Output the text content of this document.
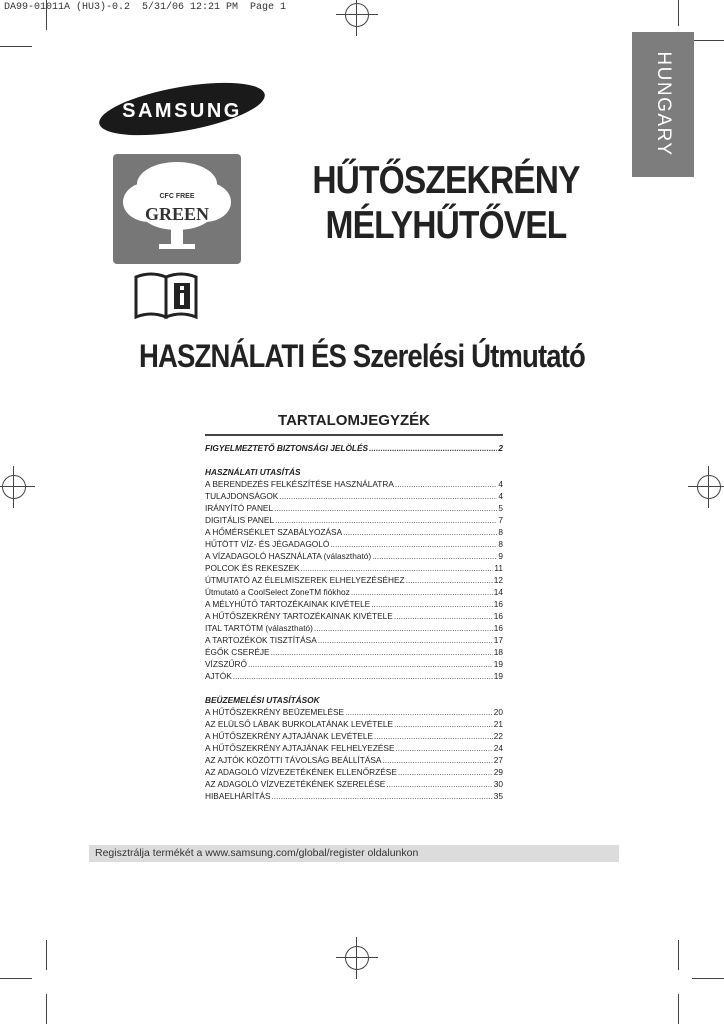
DA99-01011A (HU3)-0.2  5/31/06 12:21 PM  Page 1
HUNGARY
SAMSUNG
CFC FREE
GREEN
HŰTŐSZEKRÉNY
MÉLYHŰTŐVEL
HASZNÁLATI ÉS Szerelési Útmutató
TARTALOMJEGYZÉK
FIGYELMEZTETŐ BIZTONSÁGI JELÖLÉS .....	2
HASZNÁLATI UTASÍTÁS
A BERENDEZÉS FELKÉSZÍTÉSE HASZNÁLATRA .....	4
TULAJDONSÁGOK .....	4
IRÁNYÍTÓ PANEL .....	5
DIGITÁLIS PANEL .....	7
A HŐMÉRSÉKLET SZABÁLYOZÁSA .....	8
HŰTÖTT VÍZ- ÉS JÉGADAGOLÓ .....	8
A VÍZADAGOLÓ HASZNÁLATA (választható) .....	9
POLCOK ÉS REKESZEK .....	11
ÚTMUTATÓ AZ ÉLELMISZEREK ELHELYEZÉSÉHEZ .....	12
Útmutató a CoolSelect ZoneTM fiókhoz .....	14
A MÉLYHŰTŐ TARTOZÉKAINAK KIVÉTELE .....	16
A HŰTŐSZEKRÉNY TARTOZÉKAINAK KIVÉTELE .....	16
ITAL TARTÓTM (választható) .....	16
A TARTOZÉKOK TISZTÍTÁSA .....	17
ÉGŐK CSERÉJE .....	18
VÍZSZŰRŐ .....	19
AJTÓK .....	19
BEÜZEMELÉSI UTASÍTÁSOK
A HŰTŐSZEKRÉNY BEÜZEMELÉSE .....	20
AZ ELÜLSŐ LÁBAK BURKOLATÁNAK LEVÉTELE .....	21
A HŰTŐSZEKRÉNY AJTAJÁNAK LEVÉTELE .....	22
A HŰTŐSZEKRÉNY AJTAJÁNAK FELHELYEZÉSE .....	24
AZ AJTÓK KÖZÖTTI TÁVOLSÁG BEÁLLÍTÁSA .....	27
AZ ADAGOLÓ VÍZVEZETÉKÉNEK ELLENŐRZÉSE .....	29
AZ ADAGOLÓ VÍZVEZETÉKÉNEK SZERELÉSE .....	30
HIBAELHÁRÍTÁS .....	35
Regisztrálja termékét a www.samsung.com/global/register oldalunkon
